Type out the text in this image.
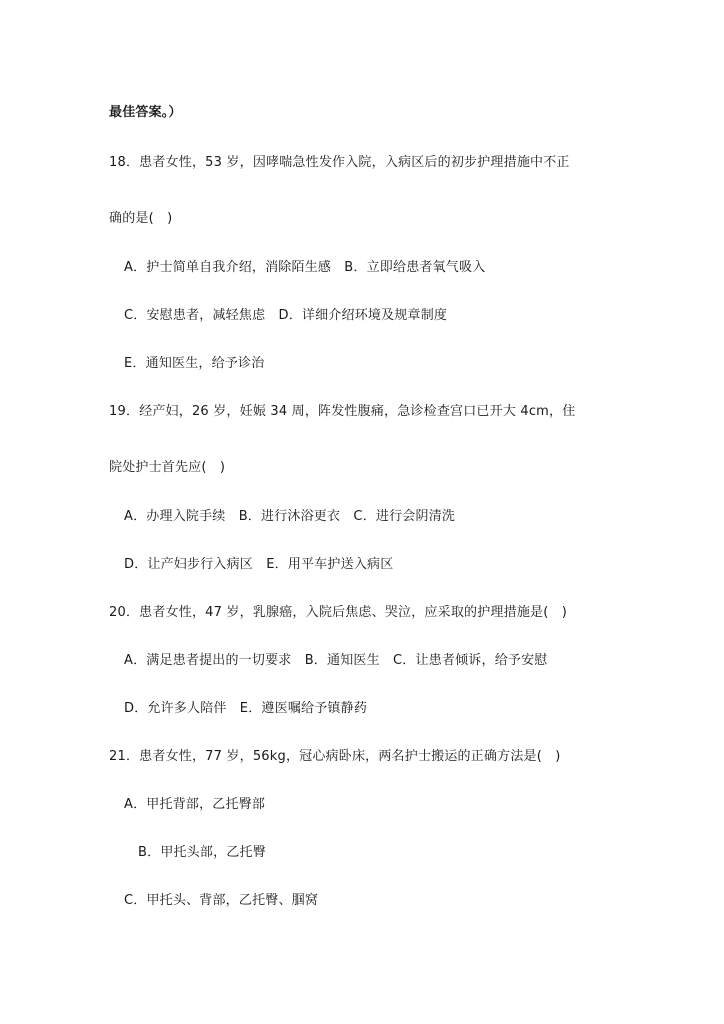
最佳答案。）
18．患者女性，53 岁，因哮喘急性发作入院，入病区后的初步护理措施中不正
确的是(　)
A．护士简单自我介绍，消除陌生感　B．立即给患者氧气吸入
C．安慰患者，减轻焦虑　D．详细介绍环境及规章制度
E．通知医生，给予诊治
19．经产妇，26 岁，妊娠 34 周，阵发性腹痛，急诊检查宫口已开大 4cm，住
院处护士首先应(　)
A．办理入院手续　B．进行沐浴更衣　C．进行会阴清洗
D．让产妇步行入病区　E．用平车护送入病区
20．患者女性，47 岁，乳腺癌，入院后焦虑、哭泣，应采取的护理措施是(　)
A．满足患者提出的一切要求　B．通知医生　C．让患者倾诉，给予安慰
D．允许多人陪伴　E．遵医嘱给予镇静药
21．患者女性，77 岁，56kg，冠心病卧床，两名护士搬运的正确方法是(　)
A．甲托背部，乙托臀部
B．甲托头部，乙托臀
C．甲托头、背部，乙托臀、腘窝
